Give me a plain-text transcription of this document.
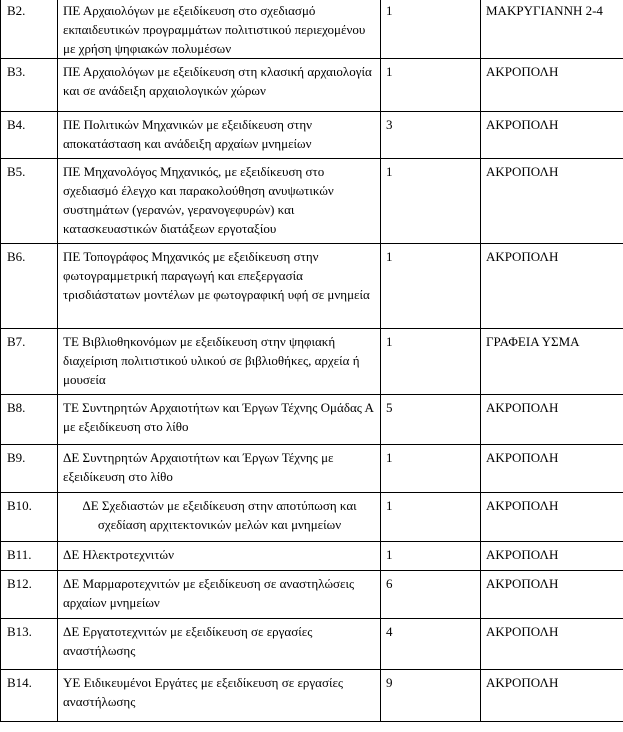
B2.	ΠΕ Αρχαιολόγων με εξειδίκευση στο σχεδιασμό εκπαιδευτικών προγραμμάτων πολιτιστικού περιεχομένου με χρήση ψηφιακών πολυμέσων	1	ΜΑΚΡΥΓΙΑΝΝΗ 2-4
B3.	ΠΕ Αρχαιολόγων με εξειδίκευση στη κλασική αρχαιολογία και σε ανάδειξη αρχαιολογικών χώρων	1	ΑΚΡΟΠΟΛΗ
B4.	ΠΕ Πολιτικών Μηχανικών με εξειδίκευση στην αποκατάσταση και ανάδειξη αρχαίων μνημείων	3	ΑΚΡΟΠΟΛΗ
B5.	ΠΕ Μηχανολόγος Μηχανικός, με εξειδίκευση στο σχεδιασμό έλεγχο και παρακολούθηση ανυψωτικών συστημάτων (γερανών, γερανογεφυρών) και κατασκευαστικών διατάξεων εργοταξίου	1	ΑΚΡΟΠΟΛΗ
B6.	ΠΕ Τοπογράφος Μηχανικός με εξειδίκευση στην φωτογραμμετρική παραγωγή και επεξεργασία τρισδιάστατων μοντέλων με φωτογραφική υφή σε μνημεία	1	ΑΚΡΟΠΟΛΗ
B7.	ΤΕ Βιβλιοθηκονόμων με εξειδίκευση στην ψηφιακή διαχείριση πολιτιστικού υλικού σε βιβλιοθήκες, αρχεία ή μουσεία	1	ΓΡΑΦΕΙΑ ΥΣΜΑ
B8.	ΤΕ Συντηρητών Αρχαιοτήτων και Έργων Τέχνης Ομάδας Α με εξειδίκευση στο λίθο	5	ΑΚΡΟΠΟΛΗ
B9.	ΔΕ Συντηρητών Αρχαιοτήτων και Έργων Τέχνης με εξειδίκευση στο λίθο	1	ΑΚΡΟΠΟΛΗ
B10.	ΔΕ Σχεδιαστών με εξειδίκευση στην αποτύπωση και σχεδίαση αρχιτεκτονικών μελών και μνημείων	1	ΑΚΡΟΠΟΛΗ
B11.	ΔΕ Ηλεκτροτεχνιτών	1	ΑΚΡΟΠΟΛΗ
B12.	ΔΕ Μαρμαροτεχνιτών με εξειδίκευση σε αναστηλώσεις αρχαίων μνημείων	6	ΑΚΡΟΠΟΛΗ
B13.	ΔΕ Εργατοτεχνιτών με εξειδίκευση σε εργασίες αναστήλωσης	4	ΑΚΡΟΠΟΛΗ
B14.	ΥΕ Ειδικευμένοι Εργάτες με εξειδίκευση σε εργασίες αναστήλωσης	9	ΑΚΡΟΠΟΛΗ
